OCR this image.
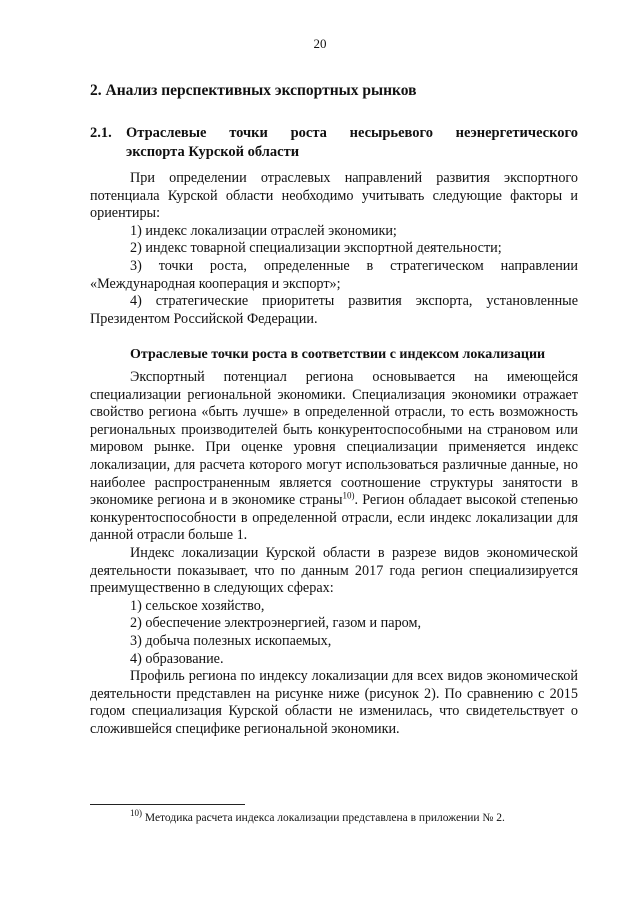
20
2. Анализ перспективных экспортных рынков
2.1. Отраслевые точки роста несырьевого неэнергетического
экспорта Курской области

При определении отраслевых направлений развития экспортного потенциала Курской области необходимо учитывать следующие факторы и ориентиры:

1) индекс локализации отраслей экономики;

2) индекс товарной специализации экспортной деятельности;

3) точки роста, определенные в стратегическом направлении «Международная кооперация и экспорт»;

4) стратегические приоритеты развития экспорта, установленные Президентом Российской Федерации.

Отраслевые точки роста в соответствии с индексом локализации

Экспортный потенциал региона основывается на имеющейся специализации региональной экономики. Специализация экономики отражает свойство региона «быть лучше» в определенной отрасли, то есть возможность региональных производителей быть конкурентоспособными на страновом или мировом рынке. При оценке уровня специализации применяется индекс локализации, для расчета которого могут использоваться различные данные, но наиболее распространенным является соотношение структуры занятости в экономике региона и в экономике страны$^{10)}$. Регион обладает высокой степенью конкурентоспособности в определенной отрасли, если индекс локализации для данной отрасли больше 1.

Индекс локализации Курской области в разрезе видов экономической деятельности показывает, что по данным 2017 года регион специализируется преимущественно в следующих сферах:

1) сельское хозяйство,

2) обеспечение электроэнергией, газом и паром,

3) добыча полезных ископаемых,

4) образование.

Профиль региона по индексу локализации для всех видов экономической деятельности представлен на рисунке ниже (рисунок 2). По сравнению с 2015 годом специализация Курской области не изменилась, что свидетельствует о сложившейся специфике региональной экономики.

$^{10)}$ Методика расчета индекса локализации представлена в приложении № 2.
